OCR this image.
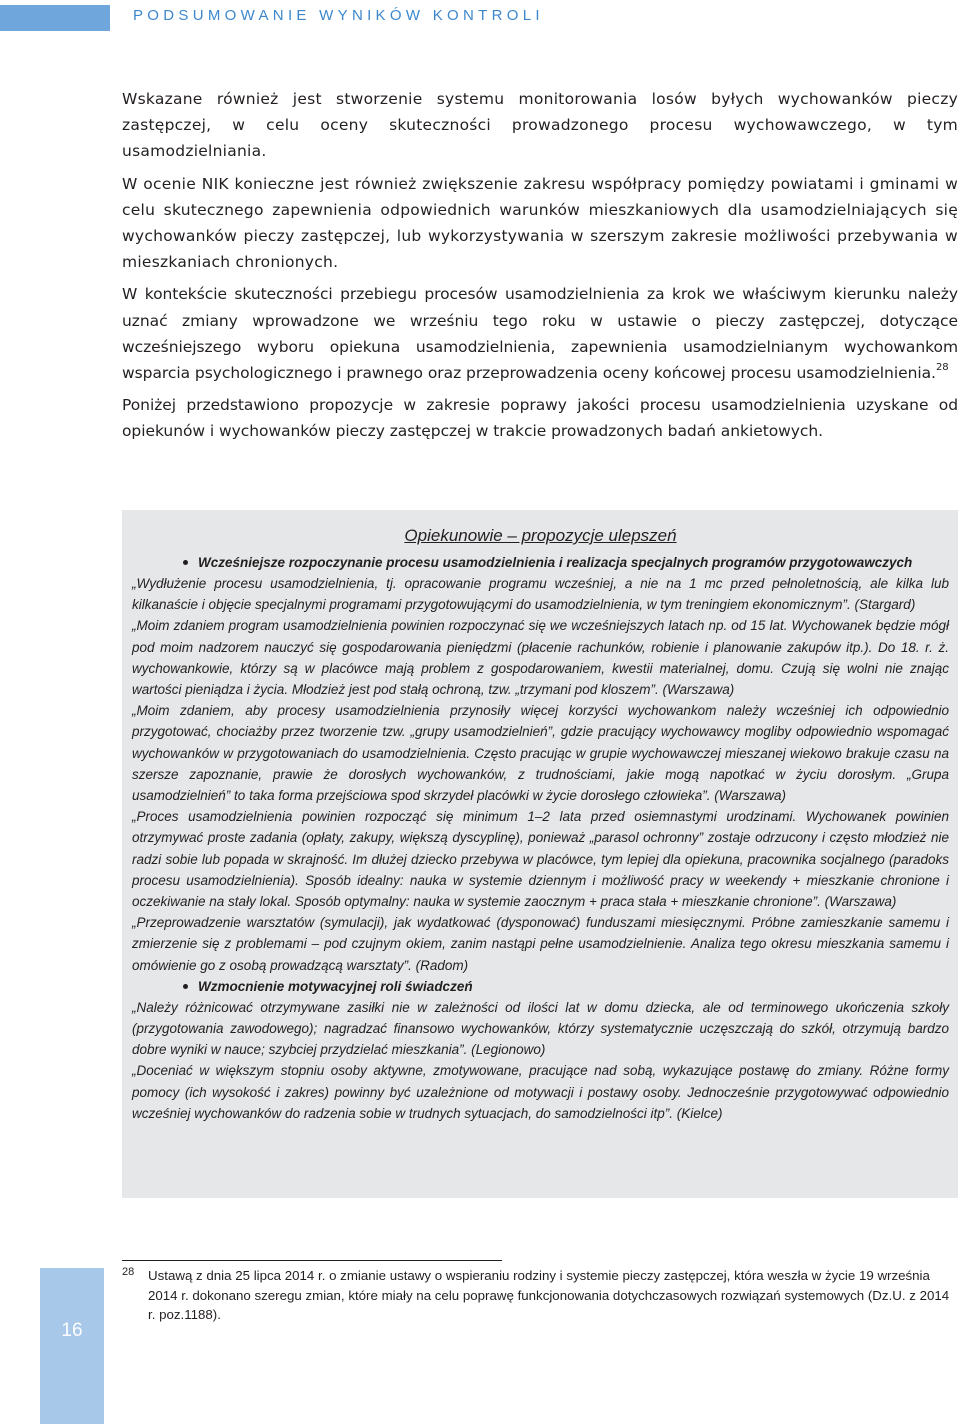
PODSUMOWANIE WYNIKÓW KONTROLI

Wskazane również jest stworzenie systemu monitorowania losów byłych wychowanków pieczy zastępczej, w celu oceny skuteczności prowadzonego procesu wychowawczego, w tym usamodzielniania.

W ocenie NIK konieczne jest również zwiększenie zakresu współpracy pomiędzy powiatami i gminami w celu skutecznego zapewnienia odpowiednich warunków mieszkaniowych dla usamodzielniających się wychowanków pieczy zastępczej, lub wykorzystywania w szerszym zakresie możliwości przebywania w mieszkaniach chronionych.

W kontekście skuteczności przebiegu procesów usamodzielnienia za krok we właściwym kierunku należy uznać zmiany wprowadzone we wrześniu tego roku w ustawie o pieczy zastępczej, dotyczące wcześniejszego wyboru opiekuna usamodzielnienia, zapewnienia usamodzielnianym wychowankom wsparcia psychologicznego i prawnego oraz przeprowadzenia oceny końcowej procesu usamodzielnienia.$^{28}$

Poniżej przedstawiono propozycje w zakresie poprawy jakości procesu usamodzielnienia uzyskane od opiekunów i wychowanków pieczy zastępczej w trakcie prowadzonych badań ankietowych.

Opiekunowie – propozycje ulepszeń

Wcześniejsze rozpoczynanie procesu usamodzielnienia i realizacja specjalnych programów przygotowawczych

„Wydłużenie procesu usamodzielnienia, tj. opracowanie programu wcześniej, a nie na 1 mc przed pełnoletnością, ale kilka lub kilkanaście i objęcie specjalnymi programami przygotowującymi do usamodzielnienia, w tym treningiem ekonomicznym”. (Stargard)

„Moim zdaniem program usamodzielnienia powinien rozpoczynać się we wcześniejszych latach np. od 15 lat. Wychowanek będzie mógł pod moim nadzorem nauczyć się gospodarowania pieniędzmi (płacenie rachunków, robienie i planowanie zakupów itp.). Do 18. r. ż. wychowankowie, którzy są w placówce mają problem z gospodarowaniem, kwestii materialnej, domu. Czują się wolni nie znając wartości pieniądza i życia. Młodzież jest pod stałą ochroną, tzw. „trzymani pod kloszem”. (Warszawa)

„Moim zdaniem, aby procesy usamodzielnienia przynosiły więcej korzyści wychowankom należy wcześniej ich odpowiednio przygotować, chociażby przez tworzenie tzw. „grupy usamodzielnień”, gdzie pracujący wychowawcy mogliby odpowiednio wspomagać wychowanków w przygotowaniach do usamodzielnienia. Często pracując w grupie wychowawczej mieszanej wiekowo brakuje czasu na szersze zapoznanie, prawie że dorosłych wychowanków, z trudnościami, jakie mogą napotkać w życiu dorosłym. „Grupa usamodzielnień” to taka forma przejściowa spod skrzydeł placówki w życie dorosłego człowieka”. (Warszawa)

„Proces usamodzielnienia powinien rozpocząć się minimum 1–2 lata przed osiemnastymi urodzinami. Wychowanek powinien otrzymywać proste zadania (opłaty, zakupy, większą dyscyplinę), ponieważ „parasol ochronny” zostaje odrzucony i często młodzież nie radzi sobie lub popada w skrajność. Im dłużej dziecko przebywa w placówce, tym lepiej dla opiekuna, pracownika socjalnego (paradoks procesu usamodzielnienia). Sposób idealny: nauka w systemie dziennym i możliwość pracy w weekendy + mieszkanie chronione i oczekiwanie na stały lokal. Sposób optymalny: nauka w systemie zaocznym + praca stała + mieszkanie chronione”. (Warszawa)

„Przeprowadzenie warsztatów (symulacji), jak wydatkować (dysponować) funduszami miesięcznymi. Próbne zamieszkanie samemu i zmierzenie się z problemami – pod czujnym okiem, zanim nastąpi pełne usamodzielnienie. Analiza tego okresu mieszkania samemu i omówienie go z osobą prowadzącą warsztaty”. (Radom)

Wzmocnienie motywacyjnej roli świadczeń

„Należy różnicować otrzymywane zasiłki nie w zależności od ilości lat w domu dziecka, ale od terminowego ukończenia szkoły (przygotowania zawodowego); nagradzać finansowo wychowanków, którzy systematycznie uczęszczają do szkół, otrzymują bardzo dobre wyniki w nauce; szybciej przydzielać mieszkania”. (Legionowo)

„Doceniać w większym stopniu osoby aktywne, zmotywowane, pracujące nad sobą, wykazujące postawę do zmiany. Różne formy pomocy (ich wysokość i zakres) powinny być uzależnione od motywacji i postawy osoby. Jednocześnie przygotowywać odpowiednio wcześniej wychowanków do radzenia sobie w trudnych sytuacjach, do samodzielności itp”. (Kielce)

28 Ustawą z dnia 25 lipca 2014 r. o zmianie ustawy o wspieraniu rodziny i systemie pieczy zastępczej, która weszła w życie 19 września 2014 r. dokonano szeregu zmian, które miały na celu poprawę funkcjonowania dotychczasowych rozwiązań systemowych (Dz.U. z 2014 r. poz.1188).

16
